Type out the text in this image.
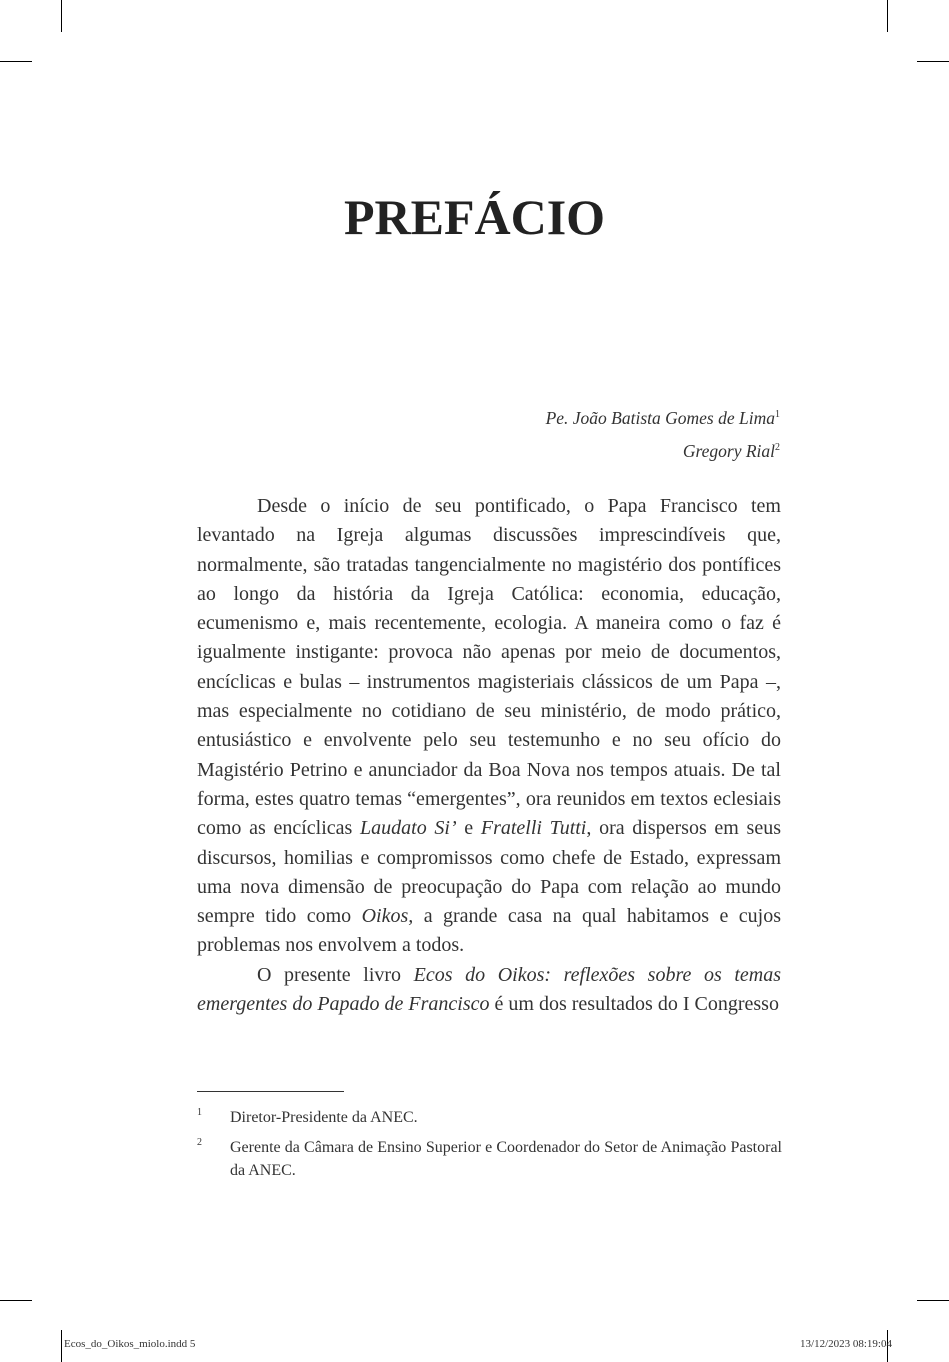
PREFÁCIO
Pe. João Batista Gomes de Lima$^1$
Gregory Rial$^2$

Desde o início de seu pontificado, o Papa Francisco tem levantado na Igreja algumas discussões imprescindíveis que, normalmente, são tratadas tangencialmente no magistério dos pontífices ao longo da história da Igreja Católica: economia, educação, ecumenismo e, mais recentemente, ecologia. A maneira como o faz é igualmente instigante: provoca não apenas por meio de documentos, encíclicas e bulas – instrumentos magisteriais clássicos de um Papa –, mas especialmente no cotidiano de seu ministério, de modo prático, entusiástico e envolvente pelo seu testemunho e no seu ofício do Magistério Petrino e anunciador da Boa Nova nos tempos atuais. De tal forma, estes quatro temas “emergentes”, ora reunidos em textos eclesiais como as encíclicas Laudato Si’ e Fratelli Tutti, ora dispersos em seus discursos, homilias e compromissos como chefe de Estado, expressam uma nova dimensão de preocupação do Papa com relação ao mundo sempre tido como Oikos, a grande casa na qual habitamos e cujos problemas nos envolvem a todos.

O presente livro Ecos do Oikos: reflexões sobre os temas emergentes do Papado de Francisco é um dos resultados do I Congresso

1	Diretor-Presidente da ANEC.
2	Gerente da Câmara de Ensino Superior e Coordenador do Setor de Animação Pastoral da ANEC.
Ecos_do_Oikos_miolo.indd 5	13/12/2023 08:19:04
